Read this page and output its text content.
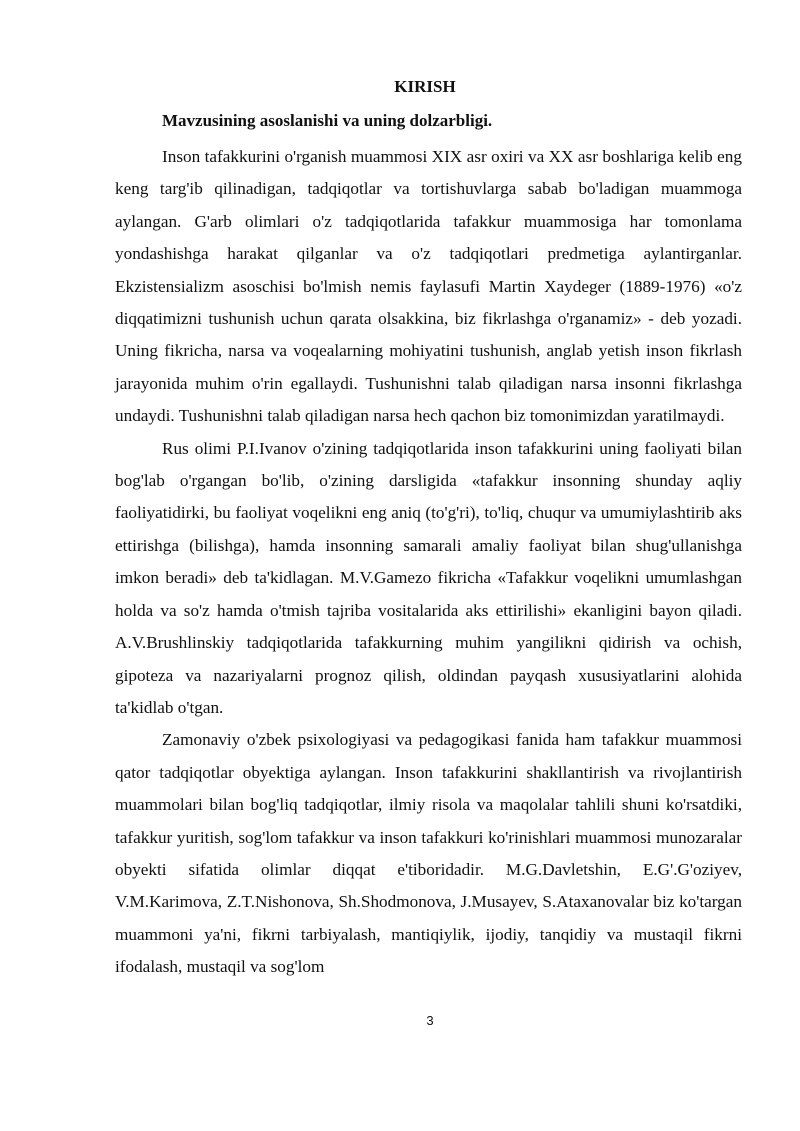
KIRISH
Mavzusining asoslanishi va uning dolzarbligi.

Inson tafakkurini o'rganish muammosi XIX asr oxiri va XX asr boshlariga kelib eng keng targ'ib qilinadigan, tadqiqotlar va tortishuvlarga sabab bo'ladigan muammoga aylangan. G'arb olimlari o'z tadqiqotlarida tafakkur muammosiga har tomonlama yondashishga harakat qilganlar va o'z tadqiqotlari predmetiga aylantirganlar. Ekzistensializm asoschisi bo'lmish nemis faylasufi Martin Xaydeger (1889-1976) «o'z diqqatimizni tushunish uchun qarata olsakkina, biz fikrlashga o'rganamiz» - deb yozadi. Uning fikricha, narsa va voqealarning mohiyatini tushunish, anglab yetish inson fikrlash jarayonida muhim o'rin egallaydi. Tushunishni talab qiladigan narsa insonni fikrlashga undaydi. Tushunishni talab qiladigan narsa hech qachon biz tomonimizdan yaratilmaydi.

Rus olimi P.I.Ivanov o'zining tadqiqotlarida inson tafakkurini uning faoliyati bilan bog'lab o'rgangan bo'lib, o'zining darsligida «tafakkur insonning shunday aqliy faoliyatidirki, bu faoliyat voqelikni eng aniq (to'g'ri), to'liq, chuqur va umumiylashtirib aks ettirishga (bilishga), hamda insonning samarali amaliy faoliyat bilan shug'ullanishga imkon beradi» deb ta'kidlagan. M.V.Gamezo fikricha «Tafakkur voqelikni umumlashgan holda va so'z hamda o'tmish tajriba vositalarida aks ettirilishi» ekanligini bayon qiladi. A.V.Brushlinskiy tadqiqotlarida tafakkurning muhim yangilikni qidirish va ochish, gipoteza va nazariyalarni prognoz qilish, oldindan payqash xususiyatlarini alohida ta'kidlab o'tgan.

Zamonaviy o'zbek psixologiyasi va pedagogikasi fanida ham tafakkur muammosi qator tadqiqotlar obyektiga aylangan. Inson tafakkurini shakllantirish va rivojlantirish muammolari bilan bog'liq tadqiqotlar, ilmiy risola va maqolalar tahlili shuni ko'rsatdiki, tafakkur yuritish, sog'lom tafakkur va inson tafakkuri ko'rinishlari muammosi munozaralar obyekti sifatida olimlar diqqat e'tiboridadir. M.G.Davletshin, E.G'.G'oziyev, V.M.Karimova, Z.T.Nishonova, Sh.Shodmonova, J.Musayev, S.Ataxanovalar biz ko'targan muammoni ya'ni, fikrni tarbiyalash, mantiqiylik, ijodiy, tanqidiy va mustaqil fikrni ifodalash, mustaqil va sog'lom

3
